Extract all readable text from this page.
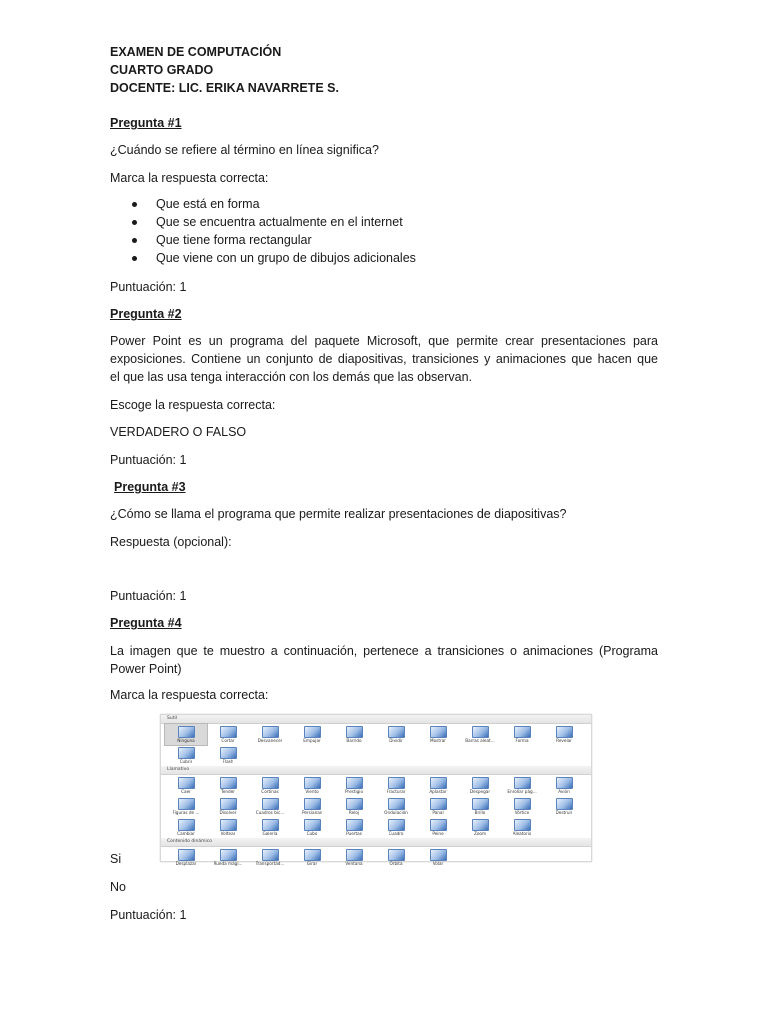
EXAMEN DE COMPUTACIÓN
CUARTO GRADO
DOCENTE: LIC. ERIKA NAVARRETE S.
Pregunta #1
¿Cuándo se refiere al término en línea significa?
Marca la respuesta correcta:
Que está en forma
Que se encuentra actualmente en el internet
Que tiene forma rectangular
Que viene con un grupo de dibujos adicionales
Puntuación: 1
Pregunta #2
Power Point es un programa del paquete Microsoft, que permite crear presentaciones para
exposiciones. Contiene un conjunto de diapositivas, transiciones y animaciones que hacen que
el que las usa tenga interacción con los demás que las observan.
Escoge la respuesta correcta:
VERDADERO O FALSO
Puntuación: 1
Pregunta #3
¿Cómo se llama el programa que permite realizar presentaciones de diapositivas?
Respuesta (opcional):
Puntuación: 1
Pregunta #4
La imagen que te muestro a continuación, pertenece a transiciones o animaciones (Programa
Power Point)
Marca la respuesta correcta:
Si
No
Puntuación: 1
Sutil
Ninguna	Cortar	Desvanecer	Empujar	Barrido	Dividir	Mostrar	Barras aleat...	Forma	Revelar
Cubrir	Flash
Llamativo
Caer	Tender	Cortinas	Viento	Prestigio	Fracturar	Aplastar	Despegar	Enrollar pág...	Avión
Figuras de ...	Disolver	Cuadros bic...	Persianas	Reloj	Ondulación	Panal	Brillo	Vórtice	Destruir
Cambiar	Voltear	Galería	Cubo	Puertas	Cuadro	Peine	Zoom	Aleatorio
Contenido dinámico
Desplazar	Rueda mági...	Transportad...	Girar	Ventana	Órbita	Volar
